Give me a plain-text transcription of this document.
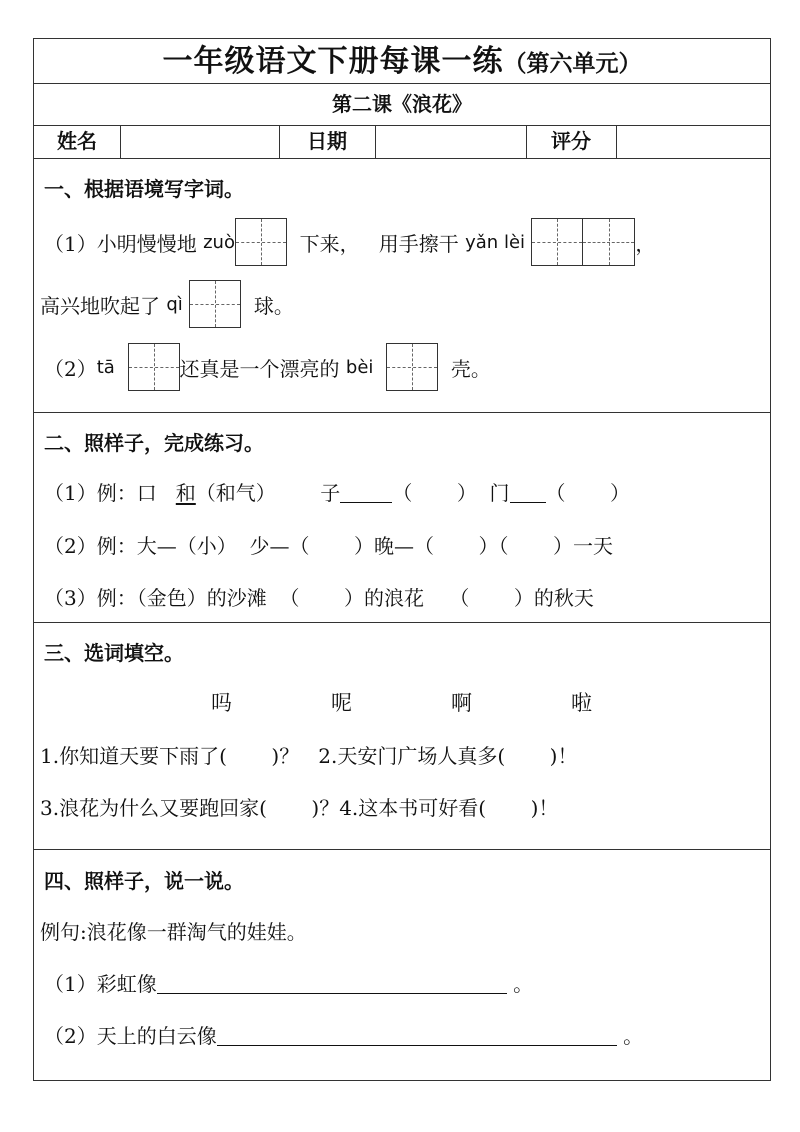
一年级语文下册每课一练（第六单元）
第二课《浪花》
姓名	日期	评分
一、根据语境写字词。
（1）小明慢慢地 zuò	下来，   用手擦干 yǎn lèi
	，
高兴地吹起了 qì
	球。
（2） tā
	还真是一个漂亮的 bèi
	壳。
二、照样子，完成练习。
（1）例：口 和 （和气）       子	（       ）  门 （       ）
（2）例：大—（小）  少—（       ）晚—（       ）（       ）一天
（3）例：（金色）的沙滩  （       ）的浪花    （       ）的秋天
三、选词填空。
吗	呢	啊	啦
1.你知道天要下雨了(       )？   2.天安门广场人真多(       )！
3.浪花为什么又要跑回家(       )？4.这本书可好看(       )！
四、照样子，说一说。
例句:浪花像一群淘气的娃娃。
（1）彩虹像	。
（2）天上的白云像	。
